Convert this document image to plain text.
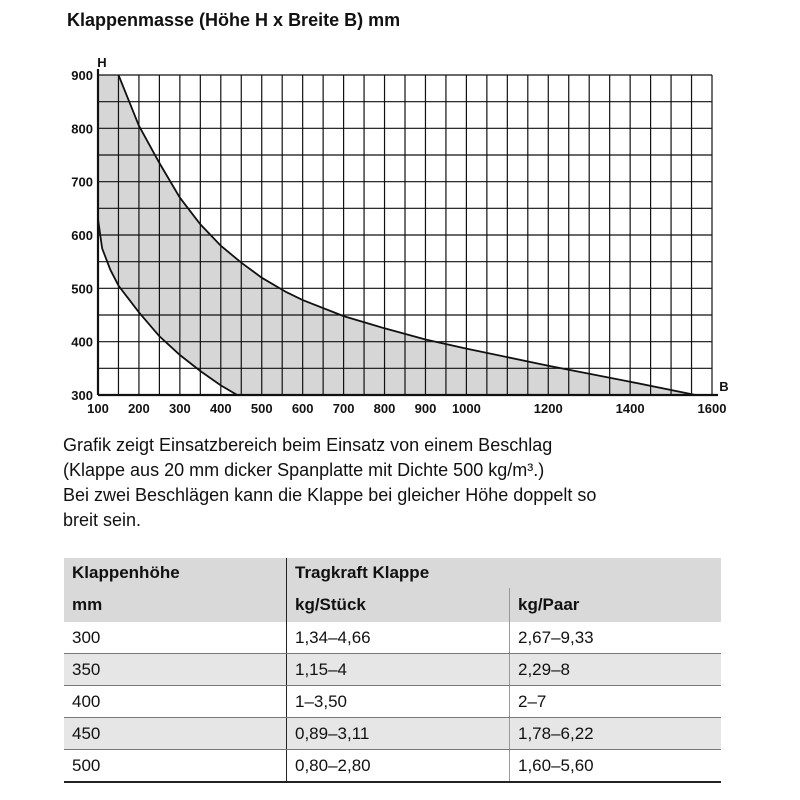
Klappenmasse (Höhe H x Breite B) mm
300
400
500
600
700
800
900
100 200 300 400 500 600 700 800 900 1000	1200	1400	1600
H
B
Grafik zeigt Einsatzbereich beim Einsatz von einem Beschlag
(Klappe aus 20 mm dicker Spanplatte mit Dichte 500 kg/m³.)
Bei zwei Beschlägen kann die Klappe bei gleicher Höhe doppelt so
breit sein.
Klappenhöhe	Tragkraft Klappe	
mm	kg/Stück	kg/Paar
300	1,34–4,66	2,67–9,33
350	1,15–4	2,29–8
400	1–3,50	2–7
450	0,89–3,11	1,78–6,22
500	0,80–2,80	1,60–5,60
